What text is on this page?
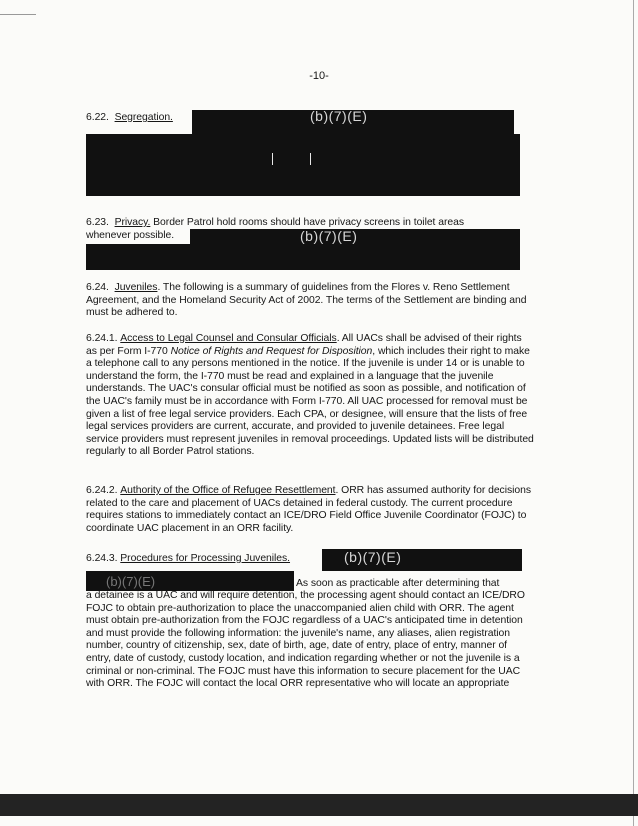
-10-

6.22. Segregation.	(b)(7)(E)

6.23. Privacy. Border Patrol hold rooms should have privacy screens in toilet areas
whenever possible.	(b)(7)(E)

6.24. Juveniles. The following is a summary of guidelines from the Flores v. Reno Settlement Agreement, and the Homeland Security Act of 2002. The terms of the Settlement are binding and must be adhered to.

6.24.1. Access to Legal Counsel and Consular Officials. All UACs shall be advised of their rights as per Form I-770 Notice of Rights and Request for Disposition, which includes their right to make a telephone call to any persons mentioned in the notice. If the juvenile is under 14 or is unable to understand the form, the I-770 must be read and explained in a language that the juvenile understands. The UAC's consular official must be notified as soon as possible, and notification of the UAC's family must be in accordance with Form I-770. All UAC processed for removal must be given a list of free legal service providers. Each CPA, or designee, will ensure that the lists of free legal services providers are current, accurate, and provided to juvenile detainees. Free legal service providers must represent juveniles in removal proceedings. Updated lists will be distributed regularly to all Border Patrol stations.

6.24.2. Authority of the Office of Refugee Resettlement. ORR has assumed authority for decisions related to the care and placement of UACs detained in federal custody. The current procedure requires stations to immediately contact an ICE/DRO Field Office Juvenile Coordinator (FOJC) to coordinate UAC placement in an ORR facility.

6.24.3. Procedures for Processing Juveniles.	(b)(7)(E)
(b)(7)(E)	As soon as practicable after determining that

a detainee is a UAC and will require detention, the processing agent should contact an ICE/DRO FOJC to obtain pre-authorization to place the unaccompanied alien child with ORR. The agent must obtain pre-authorization from the FOJC regardless of a UAC's anticipated time in detention and must provide the following information: the juvenile's name, any aliases, alien registration number, country of citizenship, sex, date of birth, age, date of entry, place of entry, manner of entry, date of custody, custody location, and indication regarding whether or not the juvenile is a criminal or non-criminal. The FOJC must have this information to secure placement for the UAC with ORR. The FOJC will contact the local ORR representative who will locate an appropriate
